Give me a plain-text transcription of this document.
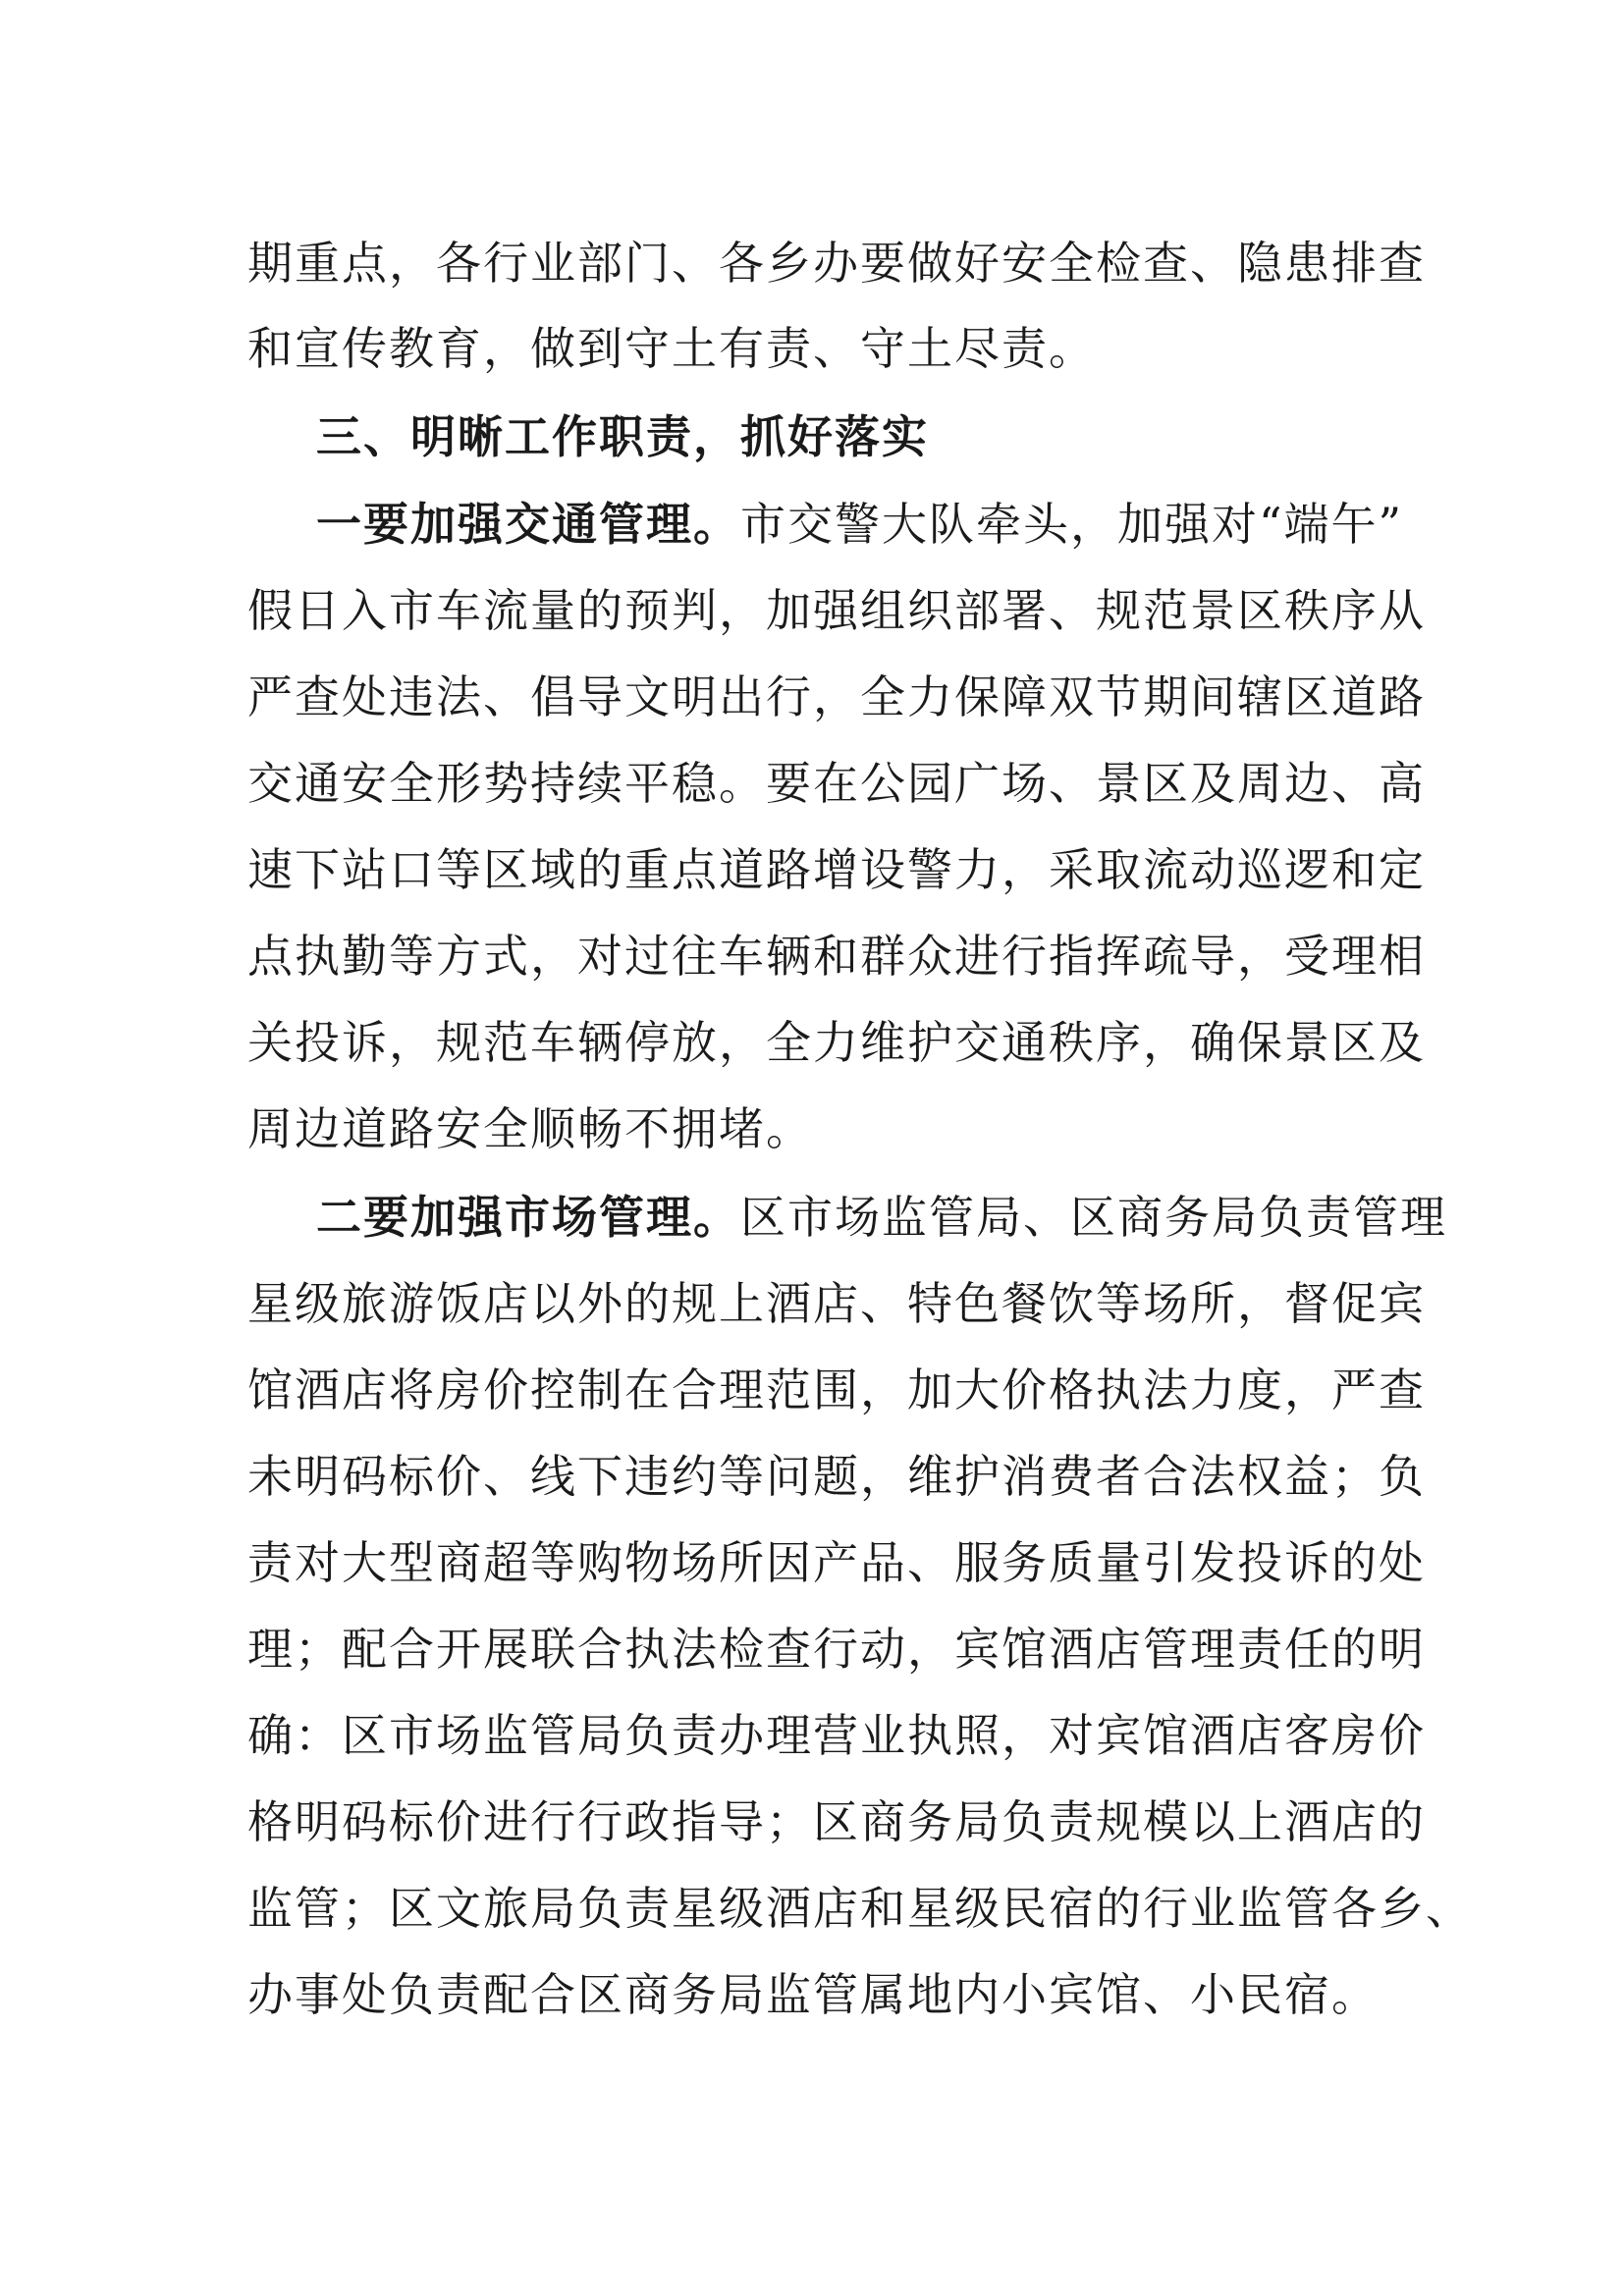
期重点，各行业部门、各乡办要做好安全检查、隐患排查
和宣传教育，做到守土有责、守土尽责。
三、明晰工作职责，抓好落实
一要加强交通管理。市交警大队牵头，加强对“端午”
假日入市车流量的预判，加强组织部署、规范景区秩序从
严查处违法、倡导文明出行，全力保障双节期间辖区道路
交通安全形势持续平稳。要在公园广场、景区及周边、高
速下站口等区域的重点道路增设警力，采取流动巡逻和定
点执勤等方式，对过往车辆和群众进行指挥疏导，受理相
关投诉，规范车辆停放，全力维护交通秩序，确保景区及
周边道路安全顺畅不拥堵。
二要加强市场管理。区市场监管局、区商务局负责管理
星级旅游饭店以外的规上酒店、特色餐饮等场所，督促宾
馆酒店将房价控制在合理范围，加大价格执法力度，严查
未明码标价、线下违约等问题，维护消费者合法权益；负
责对大型商超等购物场所因产品、服务质量引发投诉的处
理；配合开展联合执法检查行动，宾馆酒店管理责任的明
确：区市场监管局负责办理营业执照，对宾馆酒店客房价
格明码标价进行行政指导；区商务局负责规模以上酒店的
监管；区文旅局负责星级酒店和星级民宿的行业监管各乡、
办事处负责配合区商务局监管属地内小宾馆、小民宿。
